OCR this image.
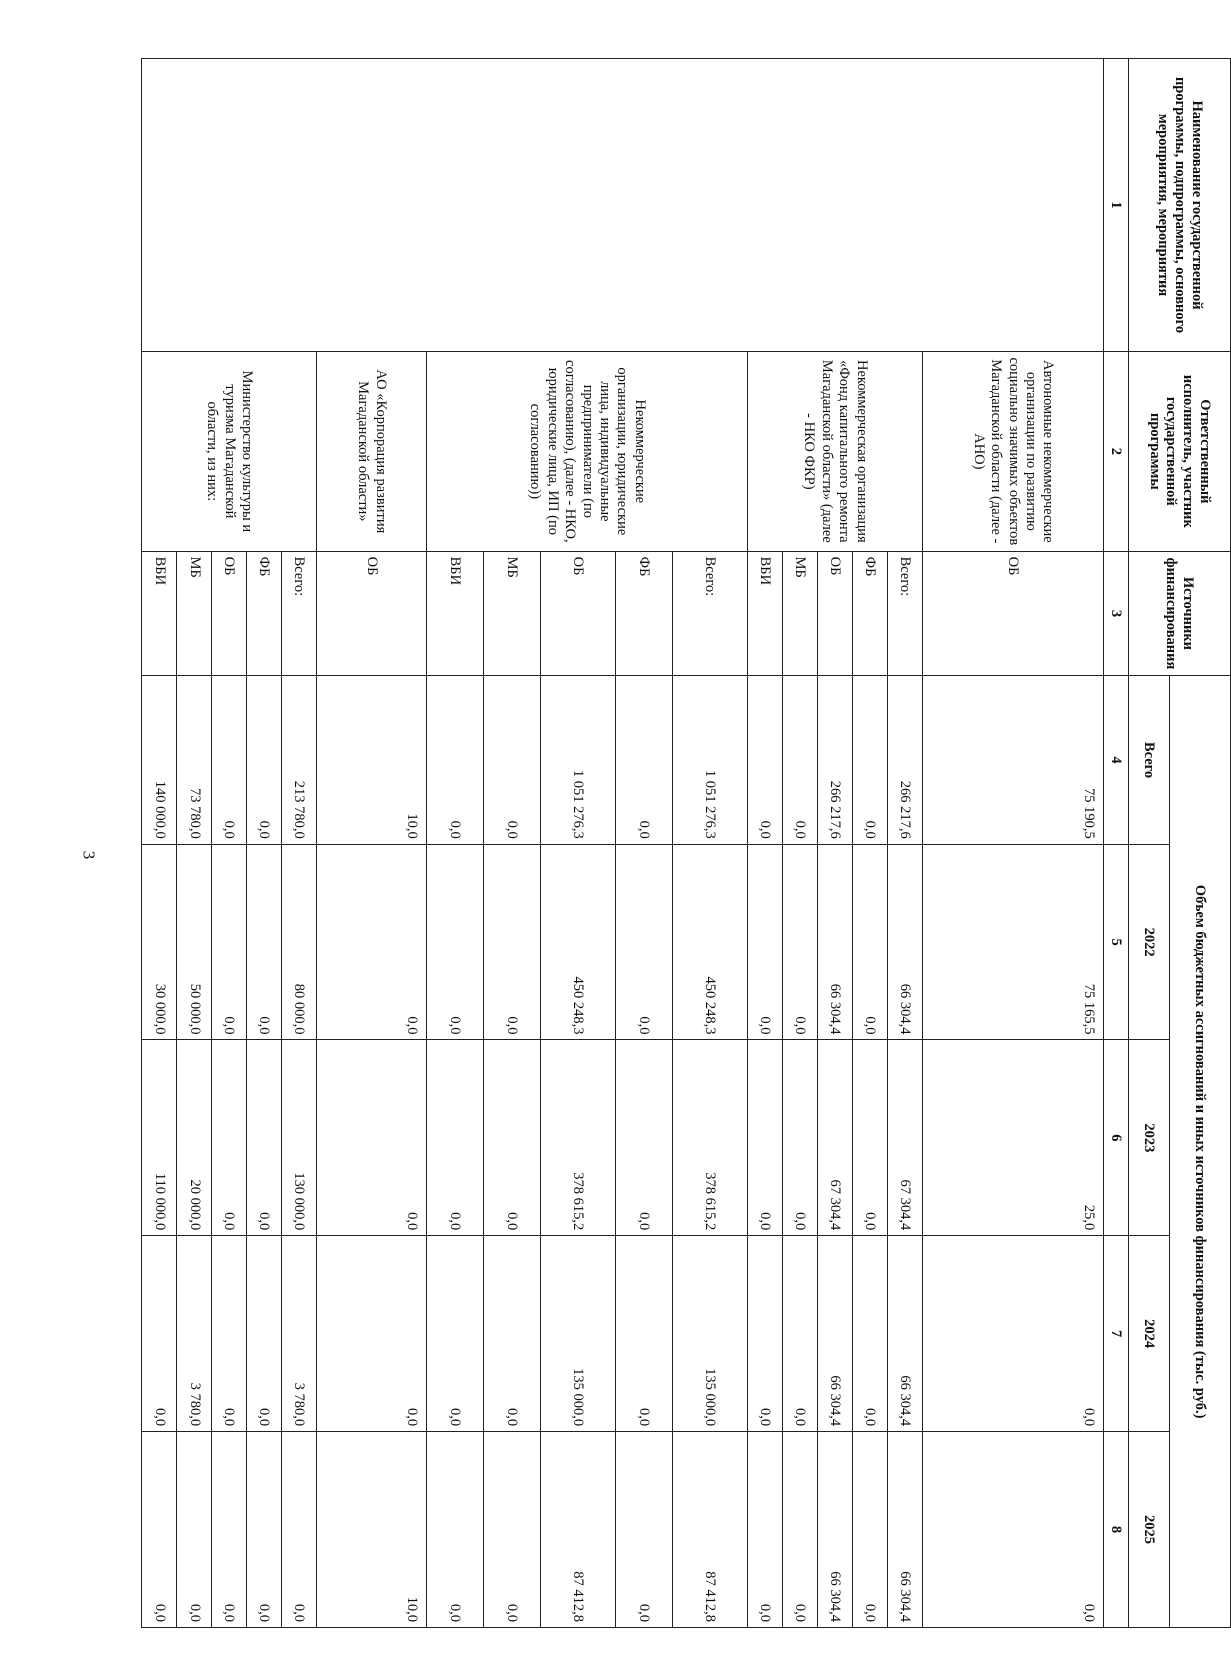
3
Наименование государственной программы, подпрограммы, основного мероприятия, мероприятия	Ответственный исполнитель, участник государственной программы	Источники финансирования	Объем бюджетных ассигнований и иных источников финансирования (тыс. руб.)				
			Всего	2022	2023	2024	2025
1	2	3	4	5	6	7	8
	Автономные некоммерческие организации по развитию социально значимых объектов Магаданской области (далее - АНО)	ОБ	75 190,5	75 165,5	25,0	0,0	0,0
	Некоммерческая организация «Фонд капитального ремонта Магаданской области» (далее - НКО ФКР)	Всего:	266 217,6	66 304,4	67 304,4	66 304,4	66 304,4
		ФБ	0,0	0,0	0,0	0,0	0,0
		ОБ	266 217,6	66 304,4	67 304,4	66 304,4	66 304,4
		МБ	0,0	0,0	0,0	0,0	0,0
		ВБИ	0,0	0,0	0,0	0,0	0,0
	Некоммерческие организации, юридические лица, индивидуальные предприниматели (по согласованию), (далее - НКО, юридические лица, ИП (по согласованию))	Всего:	1 051 276,3	450 248,3	378 615,2	135 000,0	87 412,8
		ФБ	0,0	0,0	0,0	0,0	0,0
		ОБ	1 051 276,3	450 248,3	378 615,2	135 000,0	87 412,8
		МБ	0,0	0,0	0,0	0,0	0,0
		ВБИ	0,0	0,0	0,0	0,0	0,0
	АО «Корпорация развития Магаданской области»	ОБ	10,0	0,0	0,0	0,0	10,0
	Министерство культуры и туризма Магаданской области, из них:	Всего:	213 780,0	80 000,0	130 000,0	3 780,0	0,0
		ФБ	0,0	0,0	0,0	0,0	0,0
		ОБ	0,0	0,0	0,0	0,0	0,0
		МБ	73 780,0	50 000,0	20 000,0	3 780,0	0,0
		ВБИ	140 000,0	30 000,0	110 000,0	0,0	0,0
